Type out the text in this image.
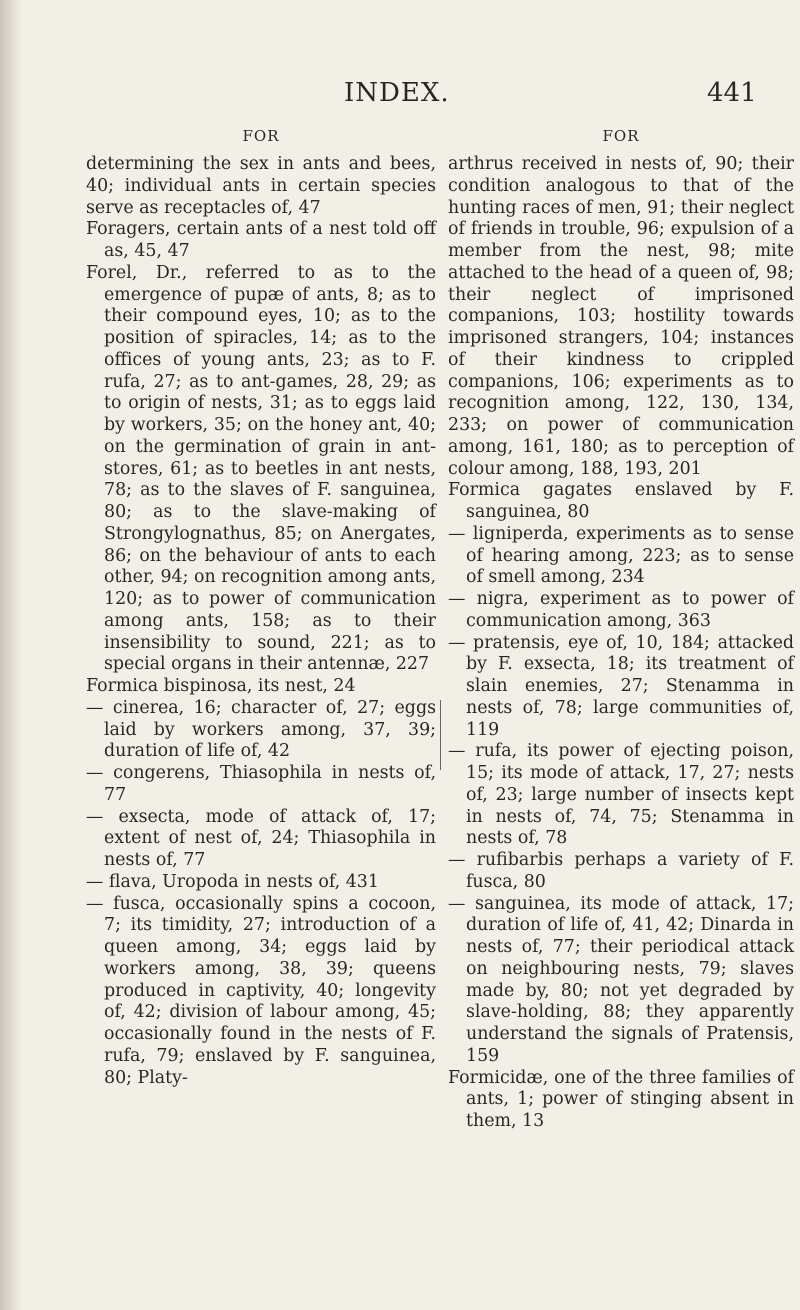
INDEX.	441
FOR

determining the sex in ants and bees, 40; individual ants in certain species serve as receptacles of, 47

Foragers, certain ants of a nest told off as, 45, 47

Forel, Dr., referred to as to the emergence of pupæ of ants, 8; as to their compound eyes, 10; as to the position of spiracles, 14; as to the offices of young ants, 23; as to F. rufa, 27; as to ant-games, 28, 29; as to origin of nests, 31; as to eggs laid by workers, 35; on the honey ant, 40; on the germination of grain in ant-stores, 61; as to beetles in ant nests, 78; as to the slaves of F. sanguinea, 80; as to the slave-making of Strongylognathus, 85; on Anergates, 86; on the behaviour of ants to each other, 94; on recognition among ants, 120; as to power of communication among ants, 158; as to their insensibility to sound, 221; as to special organs in their antennæ, 227

Formica bispinosa, its nest, 24

— cinerea, 16; character of, 27; eggs laid by workers among, 37, 39; duration of life of, 42

— congerens, Thiasophila in nests of, 77

— exsecta, mode of attack of, 17; extent of nest of, 24; Thiasophila in nests of, 77

— flava, Uropoda in nests of, 431

— fusca, occasionally spins a cocoon, 7; its timidity, 27; introduction of a queen among, 34; eggs laid by workers among, 38, 39; queens produced in captivity, 40; longevity of, 42; division of labour among, 45; occasionally found in the nests of F. rufa, 79; enslaved by F. sanguinea, 80; Platy-

FOR

arthrus received in nests of, 90; their condition analogous to that of the hunting races of men, 91; their neglect of friends in trouble, 96; expulsion of a member from the nest, 98; mite attached to the head of a queen of, 98; their neglect of imprisoned companions, 103; hostility towards imprisoned strangers, 104; instances of their kindness to crippled companions, 106; experiments as to recognition among, 122, 130, 134, 233; on power of communication among, 161, 180; as to perception of colour among, 188, 193, 201

Formica gagates enslaved by F. sanguinea, 80

— ligniperda, experiments as to sense of hearing among, 223; as to sense of smell among, 234

— nigra, experiment as to power of communication among, 363

— pratensis, eye of, 10, 184; attacked by F. exsecta, 18; its treatment of slain enemies, 27; Stenamma in nests of, 78; large communities of, 119

— rufa, its power of ejecting poison, 15; its mode of attack, 17, 27; nests of, 23; large number of insects kept in nests of, 74, 75; Stenamma in nests of, 78

— rufibarbis perhaps a variety of F. fusca, 80

— sanguinea, its mode of attack, 17; duration of life of, 41, 42; Dinarda in nests of, 77; their periodical attack on neighbouring nests, 79; slaves made by, 80; not yet degraded by slave-holding, 88; they apparently understand the signals of Pratensis, 159

Formicidæ, one of the three families of ants, 1; power of stinging absent in them, 13
